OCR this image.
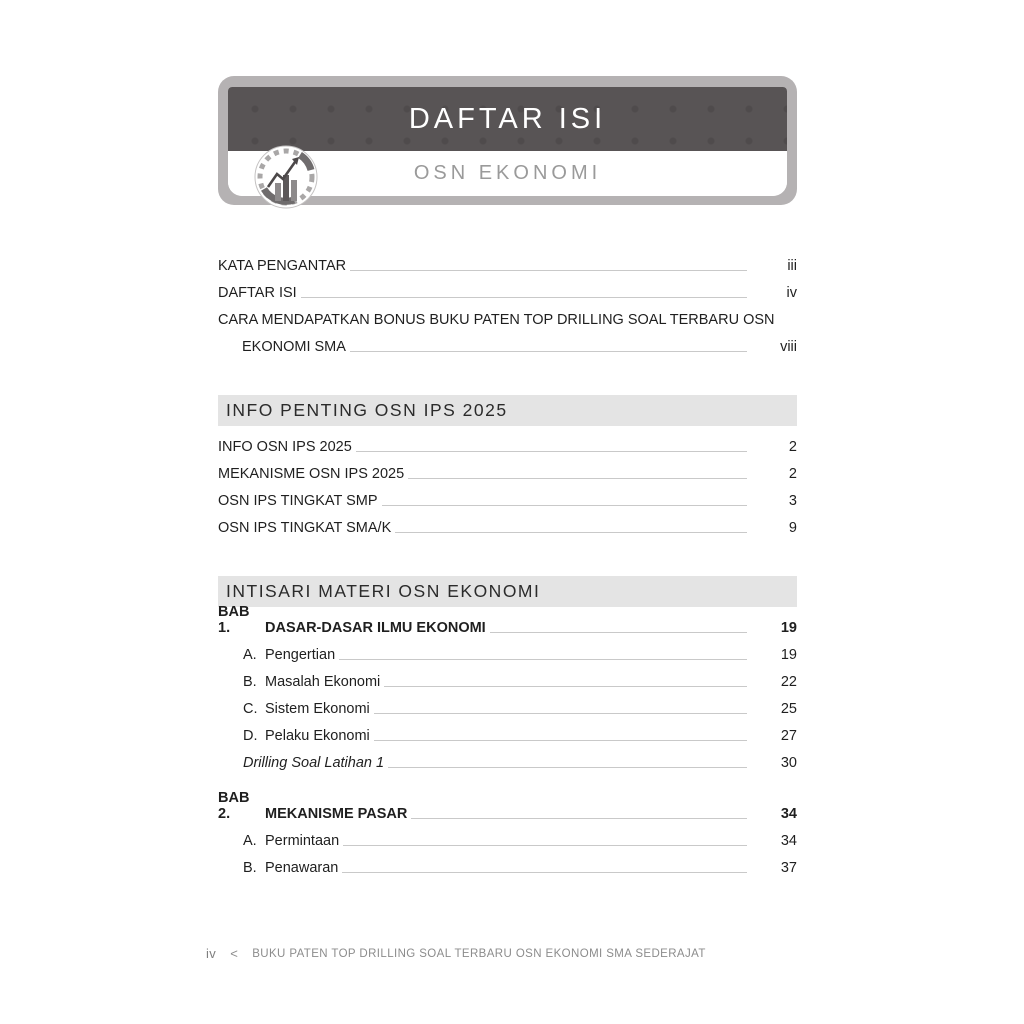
DAFTAR ISI
OSN EKONOMI
KATA PENGANTAR	iii
DAFTAR ISI	iv
CARA MENDAPATKAN BONUS BUKU PATEN TOP DRILLING SOAL TERBARU OSN
EKONOMI SMA	viii
INFO PENTING OSN IPS 2025
INFO OSN IPS 2025	2
MEKANISME OSN IPS 2025	2
OSN IPS TINGKAT SMP	3
OSN IPS TINGKAT SMA/K	9
INTISARI MATERI OSN EKONOMI
BAB 1.	DASAR-DASAR ILMU EKONOMI	19
A. Pengertian	19
B. Masalah Ekonomi	22
C. Sistem Ekonomi	25
D. Pelaku Ekonomi	27
Drilling Soal Latihan 1	30
BAB 2.	MEKANISME PASAR	34
A. Permintaan	34
B. Penawaran	37
iv < BUKU PATEN TOP DRILLING SOAL TERBARU OSN EKONOMI SMA SEDERAJAT
